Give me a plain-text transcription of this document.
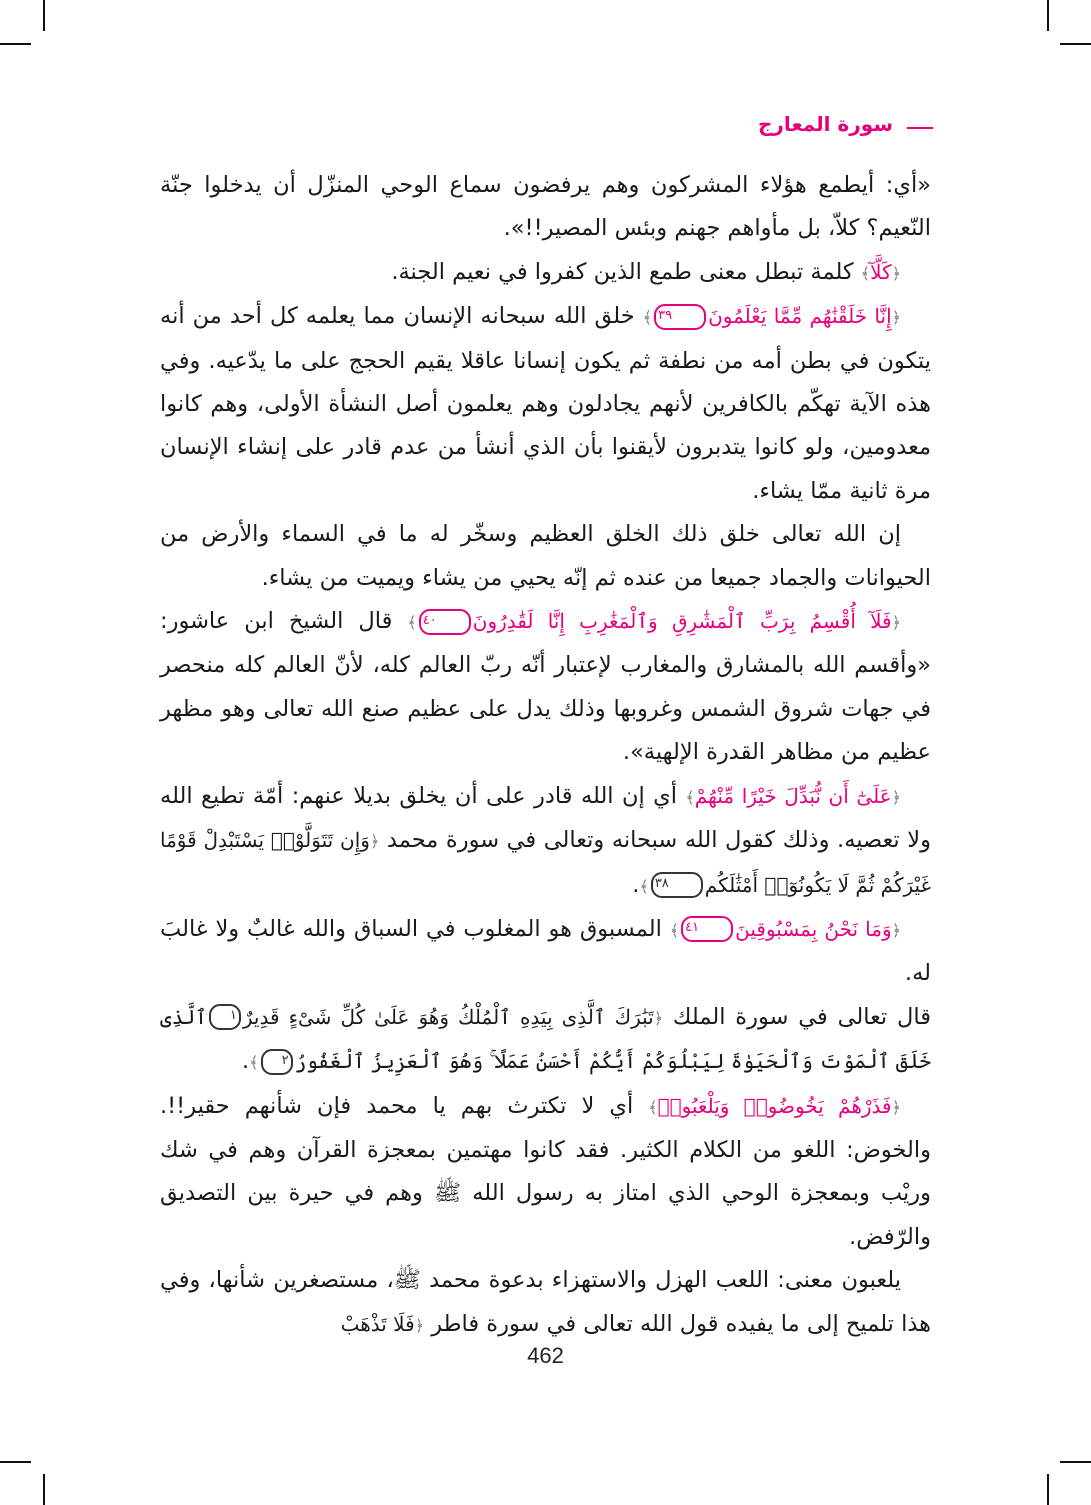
سورة المعارج

«أي: أيطمع هؤلاء المشركون وهم يرفضون سماع الوحي المنزّل أن يدخلوا جنّة النّعيم؟ كلاّ، بل مأواهم جهنم وبئس المصير!!».

﴿كَلَّآ﴾ كلمة تبطل معنى طمع الذين كفروا في نعيم الجنة.

﴿إِنَّا خَلَقْنَٰهُم مِّمَّا يَعْلَمُونَ٣٩﴾ خلق الله سبحانه الإنسان مما يعلمه كل أحد من أنه يتكون في بطن أمه من نطفة ثم يكون إنسانا عاقلا يقيم الحجج على ما يدّعيه. وفي هذه الآية تهكّم بالكافرين لأنهم يجادلون وهم يعلمون أصل النشأة الأولى، وهم كانوا معدومين، ولو كانوا يتدبرون لأيقنوا بأن الذي أنشأ من عدم قادر على إنشاء الإنسان مرة ثانية ممّا يشاء.

إن الله تعالى خلق ذلك الخلق العظيم وسخّر له ما في السماء والأرض من الحيوانات والجماد جميعا من عنده ثم إنّه يحيي من يشاء ويميت من يشاء.

﴿فَلَآ أُقْسِمُ بِرَبِّ ٱلْمَشَٰرِقِ وَٱلْمَغَٰرِبِ إِنَّا لَقَٰدِرُونَ٤٠﴾ قال الشيخ ابن عاشور: «وأقسم الله بالمشارق والمغارب لإعتبار أنّه ربّ العالم كله، لأنّ العالم كله منحصر في جهات شروق الشمس وغروبها وذلك يدل على عظيم صنع الله تعالى وهو مظهر عظيم من مظاهر القدرة الإلهية».

﴿عَلَىٰٓ أَن نُّبَدِّلَ خَيْرًا مِّنْهُمْ﴾ أي إن الله قادر على أن يخلق بديلا عنهم: أمّة تطيع الله ولا تعصيه. وذلك كقول الله سبحانه وتعالى في سورة محمد ﴿وَإِن تَتَوَلَّوْا۟ يَسْتَبْدِلْ قَوْمًا غَيْرَكُمْ ثُمَّ لَا يَكُونُوٓا۟ أَمْثَٰلَكُم٣٨﴾.

﴿وَمَا نَحْنُ بِمَسْبُوقِينَ٤١﴾ المسبوق هو المغلوب في السباق والله غالبٌ ولا غالبَ له.

قال تعالى في سورة الملك ﴿تَبَٰرَكَ ٱلَّذِى بِيَدِهِ ٱلْمُلْكُ وَهُوَ عَلَىٰ كُلِّ شَىْءٍ قَدِيرٌ١ٱلَّذِى خَلَقَ ٱلْمَوْتَ وَٱلْحَيَوٰةَ لِيَبْلُوَكُمْ أَيُّكُمْ أَحْسَنُ عَمَلًا ۚ وَهُوَ ٱلْعَزِيزُ ٱلْغَفُورُ٢﴾.

﴿فَذَرْهُمْ يَخُوضُوا۟ وَيَلْعَبُوا۟﴾ أي لا تكترث بهم يا محمد فإن شأنهم حقير!!. والخوض: اللغو من الكلام الكثير. فقد كانوا مهتمين بمعجزة القرآن وهم في شك وريْب وبمعجزة الوحي الذي امتاز به رسول الله ﷺ وهم في حيرة بين التصديق والرّفض.

يلعبون معنى: اللعب الهزل والاستهزاء بدعوة محمد ﷺ، مستصغرين شأنها، وفي هذا تلميح إلى ما يفيده قول الله تعالى في سورة فاطر ﴿فَلَا تَذْهَبْ

462
